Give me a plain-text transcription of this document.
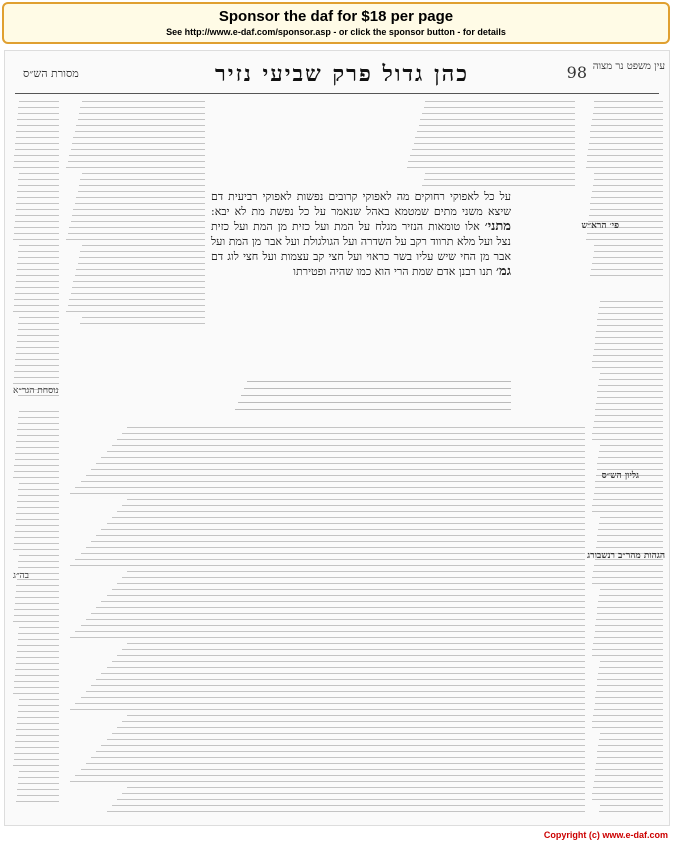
Sponsor the daf for $18 per page
See http://www.e-daf.com/sponsor.asp - or click the sponsor button - for details
מסורת הש״ס	כהן גדול פרק שביעי נזיר	98 עין משפט נר מצוה
על כל לאפוקי רחוקים מה לאפוקי קרובים נפשות לאפוקי רביעית דם שיצא משני מתים שמטמא באהל שנאמר על כל נפשת מת לא יבא: מתני׳ אלו טומאות הנזיר מגלח על המת ועל כזית מן המת ועל כזית נצל ועל מלא תרווד רקב על השדרה ועל הגולגולת ועל אבר מן המת ועל אבר מן החי שיש עליו בשר כראוי ועל חצי קב עצמות ועל חצי לוג דם גמ׳ תנו רבנן אדם שמת הרי הוא כמו שהיה ופטירתו
נוסחת הגר״א
בה״ג
פי׳ הרא״ש
גליון הש״ס
הגהות מהר״ב רנשבורג
Copyright (c) www.e-daf.com
